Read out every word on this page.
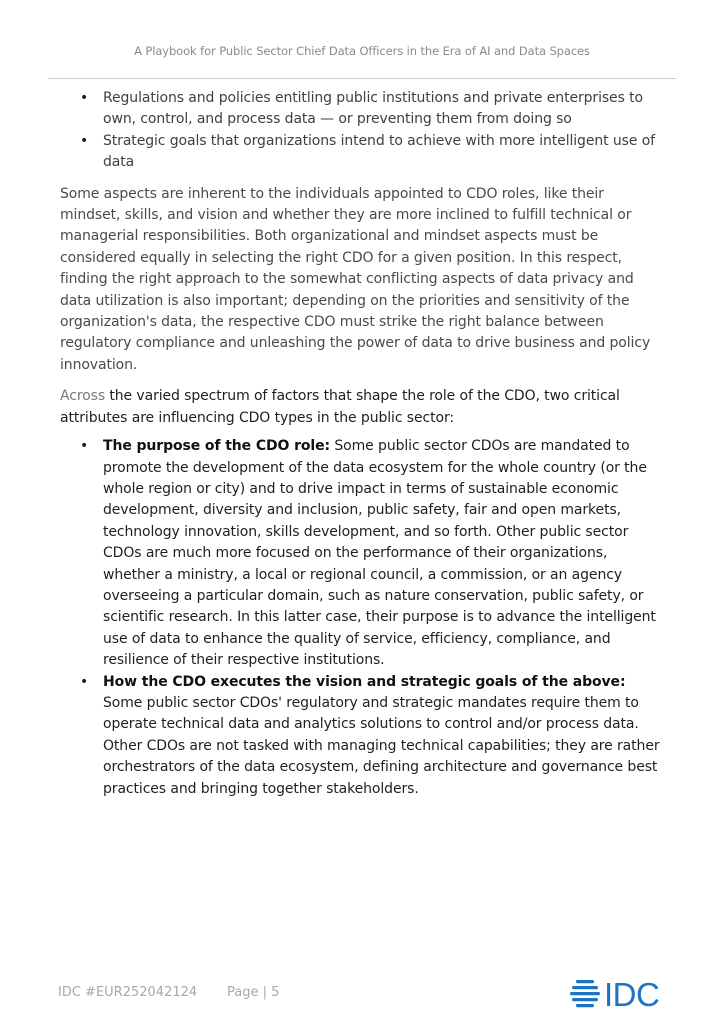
A Playbook for Public Sector Chief Data Officers in the Era of AI and Data Spaces
• Regulations and policies entitling public institutions and private enterprises to own, control, and process data — or preventing them from doing so
• Strategic goals that organizations intend to achieve with more intelligent use of data

Some aspects are inherent to the individuals appointed to CDO roles, like their mindset, skills, and vision and whether they are more inclined to fulfill technical or managerial responsibilities. Both organizational and mindset aspects must be considered equally in selecting the right CDO for a given position. In this respect, finding the right approach to the somewhat conflicting aspects of data privacy and data utilization is also important; depending on the priorities and sensitivity of the organization's data, the respective CDO must strike the right balance between regulatory compliance and unleashing the power of data to drive business and policy innovation.

Across the varied spectrum of factors that shape the role of the CDO, two critical attributes are influencing CDO types in the public sector:

• The purpose of the CDO role: Some public sector CDOs are mandated to promote the development of the data ecosystem for the whole country (or the whole region or city) and to drive impact in terms of sustainable economic development, diversity and inclusion, public safety, fair and open markets, technology innovation, skills development, and so forth. Other public sector CDOs are much more focused on the performance of their organizations, whether a ministry, a local or regional council, a commission, or an agency overseeing a particular domain, such as nature conservation, public safety, or scientific research. In this latter case, their purpose is to advance the intelligent use of data to enhance the quality of service, efficiency, compliance, and resilience of their respective institutions.
• How the CDO executes the vision and strategic goals of the above: Some public sector CDOs' regulatory and strategic mandates require them to operate technical data and analytics solutions to control and/or process data. Other CDOs are not tasked with managing technical capabilities; they are rather orchestrators of the data ecosystem, defining architecture and governance best practices and bringing together stakeholders.
IDC #EUR252042124 Page | 5	IDC
